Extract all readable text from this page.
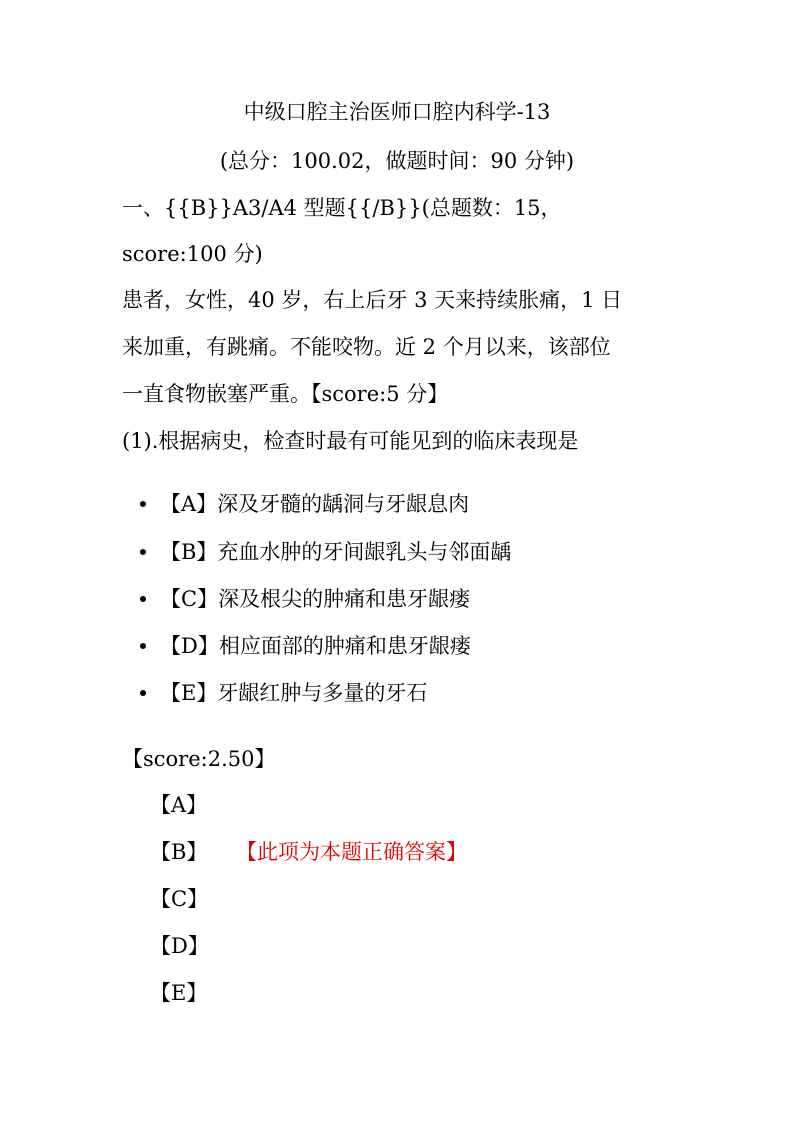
中级口腔主治医师口腔内科学-13
(总分：100.02，做题时间：90 分钟)
一、{{B}}A3/A4 型题{{/B}}(总题数：15，
score:100 分)
患者，女性，40 岁，右上后牙 3 天来持续胀痛，1 日
来加重，有跳痛。不能咬物。近 2 个月以来，该部位
一直食物嵌塞严重。【score:5 分】
(1).根据病史，检查时最有可能见到的临床表现是
【A】深及牙髓的龋洞与牙龈息肉
【B】充血水肿的牙间龈乳头与邻面龋
【C】深及根尖的肿痛和患牙龈瘘
【D】相应面部的肿痛和患牙龈瘘
【E】牙龈红肿与多量的牙石
【score:2.50】
【A】
【B】 【此项为本题正确答案】
【C】
【D】
【E】
